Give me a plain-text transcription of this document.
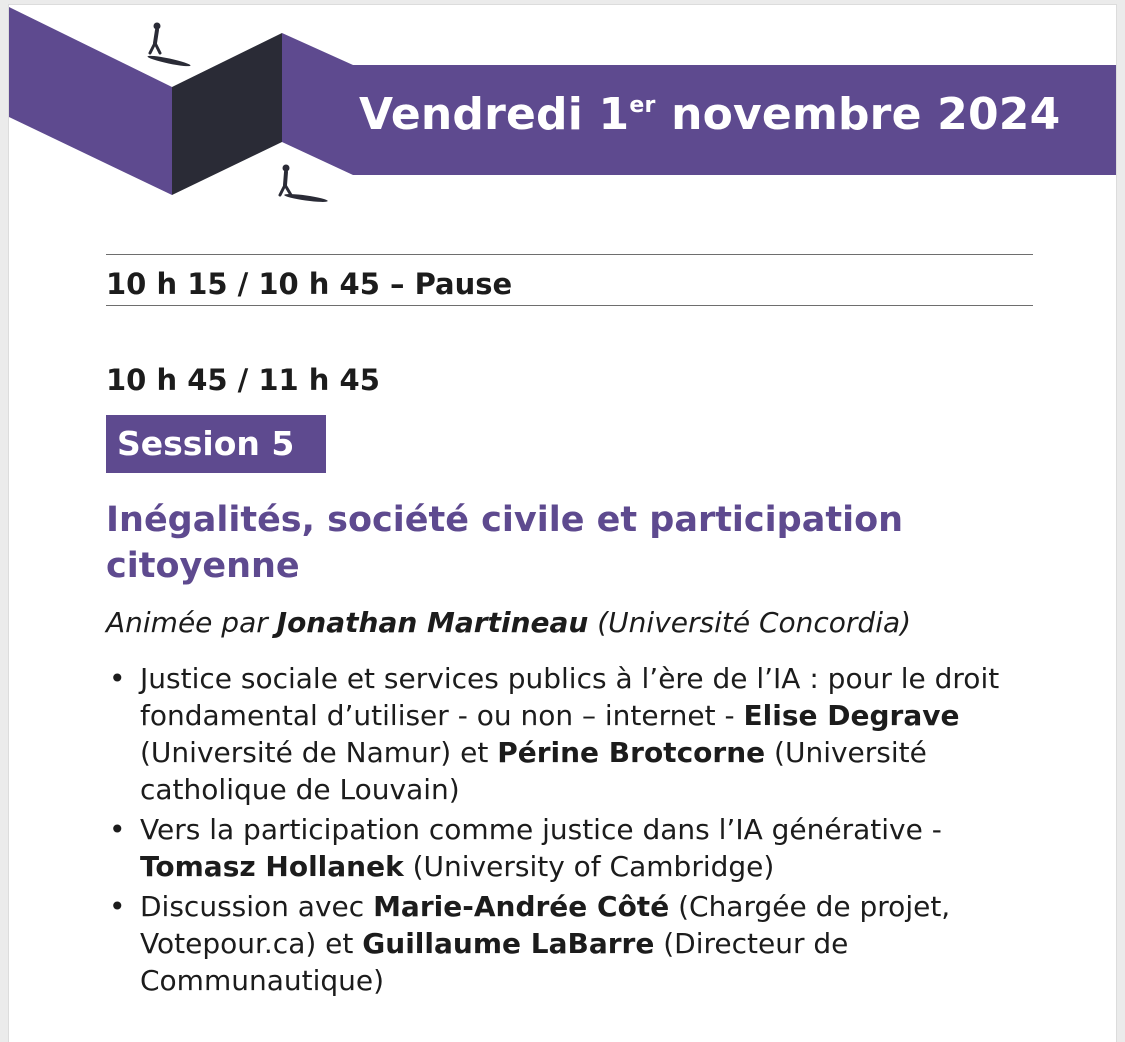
Vendredi 1er novembre 2024
10 h 15 / 10 h 45 – Pause
10 h 45 / 11 h 45
Session 5
Inégalités, société civile et participation citoyenne
Animée par Jonathan Martineau (Université Concordia)
• Justice sociale et services publics à l’ère de l’IA : pour le droit fondamental d’utiliser - ou non – internet - Elise Degrave (Université de Namur) et Périne Brotcorne (Université catholique de Louvain)
• Vers la participation comme justice dans l’IA générative - Tomasz Hollanek (University of Cambridge)
• Discussion avec Marie-Andrée Côté (Chargée de projet, Votepour.ca) et Guillaume LaBarre (Directeur de Communautique)
